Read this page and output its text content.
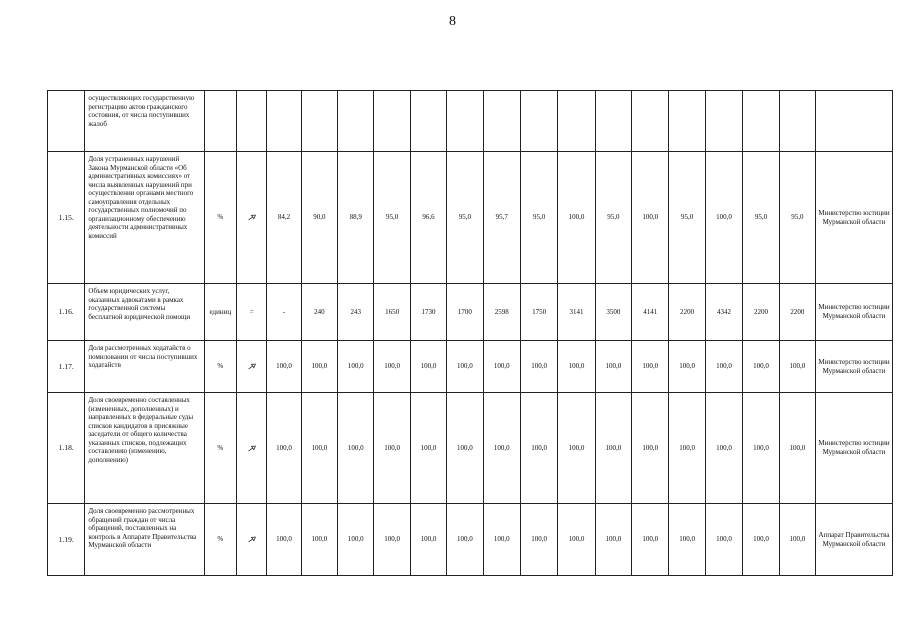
8
	осуществляющих государственную регистрацию актов гражданского состояния, от числа поступивших жалоб																		
1.15.	Доля устраненных нарушений Закона Мурманской области «Об административных комиссиях» от числа выявленных нарушений при осуществлении органами местного самоуправления отдельных государственных полномочий по организационному обеспечению деятельности административных комиссий	%		84,2	90,0	88,9	95,0	96,6	95,0	95,7	95,0	100,0	95,0	100,0	95,0	100,0	95,0	95,0	Министерство юстиции Мурманской области
1.16.	Объем юридических услуг, оказанных адвокатами в рамках государственной системы бесплатной юридической помощи	единиц	=	-	240	243	1650	1730	1700	2598	1750	3141	3500	4141	2200	4342	2200	2200	Министерство юстиции Мурманской области
1.17.	Доля рассмотренных ходатайств о помиловании от числа поступивших ходатайств	%		100,0	100,0	100,0	100,0	100,0	100,0	100,0	100,0	100,0	100,0	100,0	100,0	100,0	100,0	100,0	Министерство юстиции Мурманской области
1.18.	Доля своевременно составленных (измененных, дополненных) и направленных в федеральные суды списков кандидатов в присяжные заседатели от общего количества указанных списков, подлежащих составлению (изменению, дополнению)	%		100,0	100,0	100,0	100,0	100,0	100,0	100,0	100,0	100,0	100,0	100,0	100,0	100,0	100,0	100,0	Министерство юстиции Мурманской области
1.19.	Доля своевременно рассмотренных обращений граждан от числа обращений, поставленных на контроль в Аппарате Правительства Мурманской области	%		100,0	100,0	100,0	100,0	100,0	100,0	100,0	100,0	100,0	100,0	100,0	100,0	100,0	100,0	100,0	Аппарат Правительства Мурманской области
